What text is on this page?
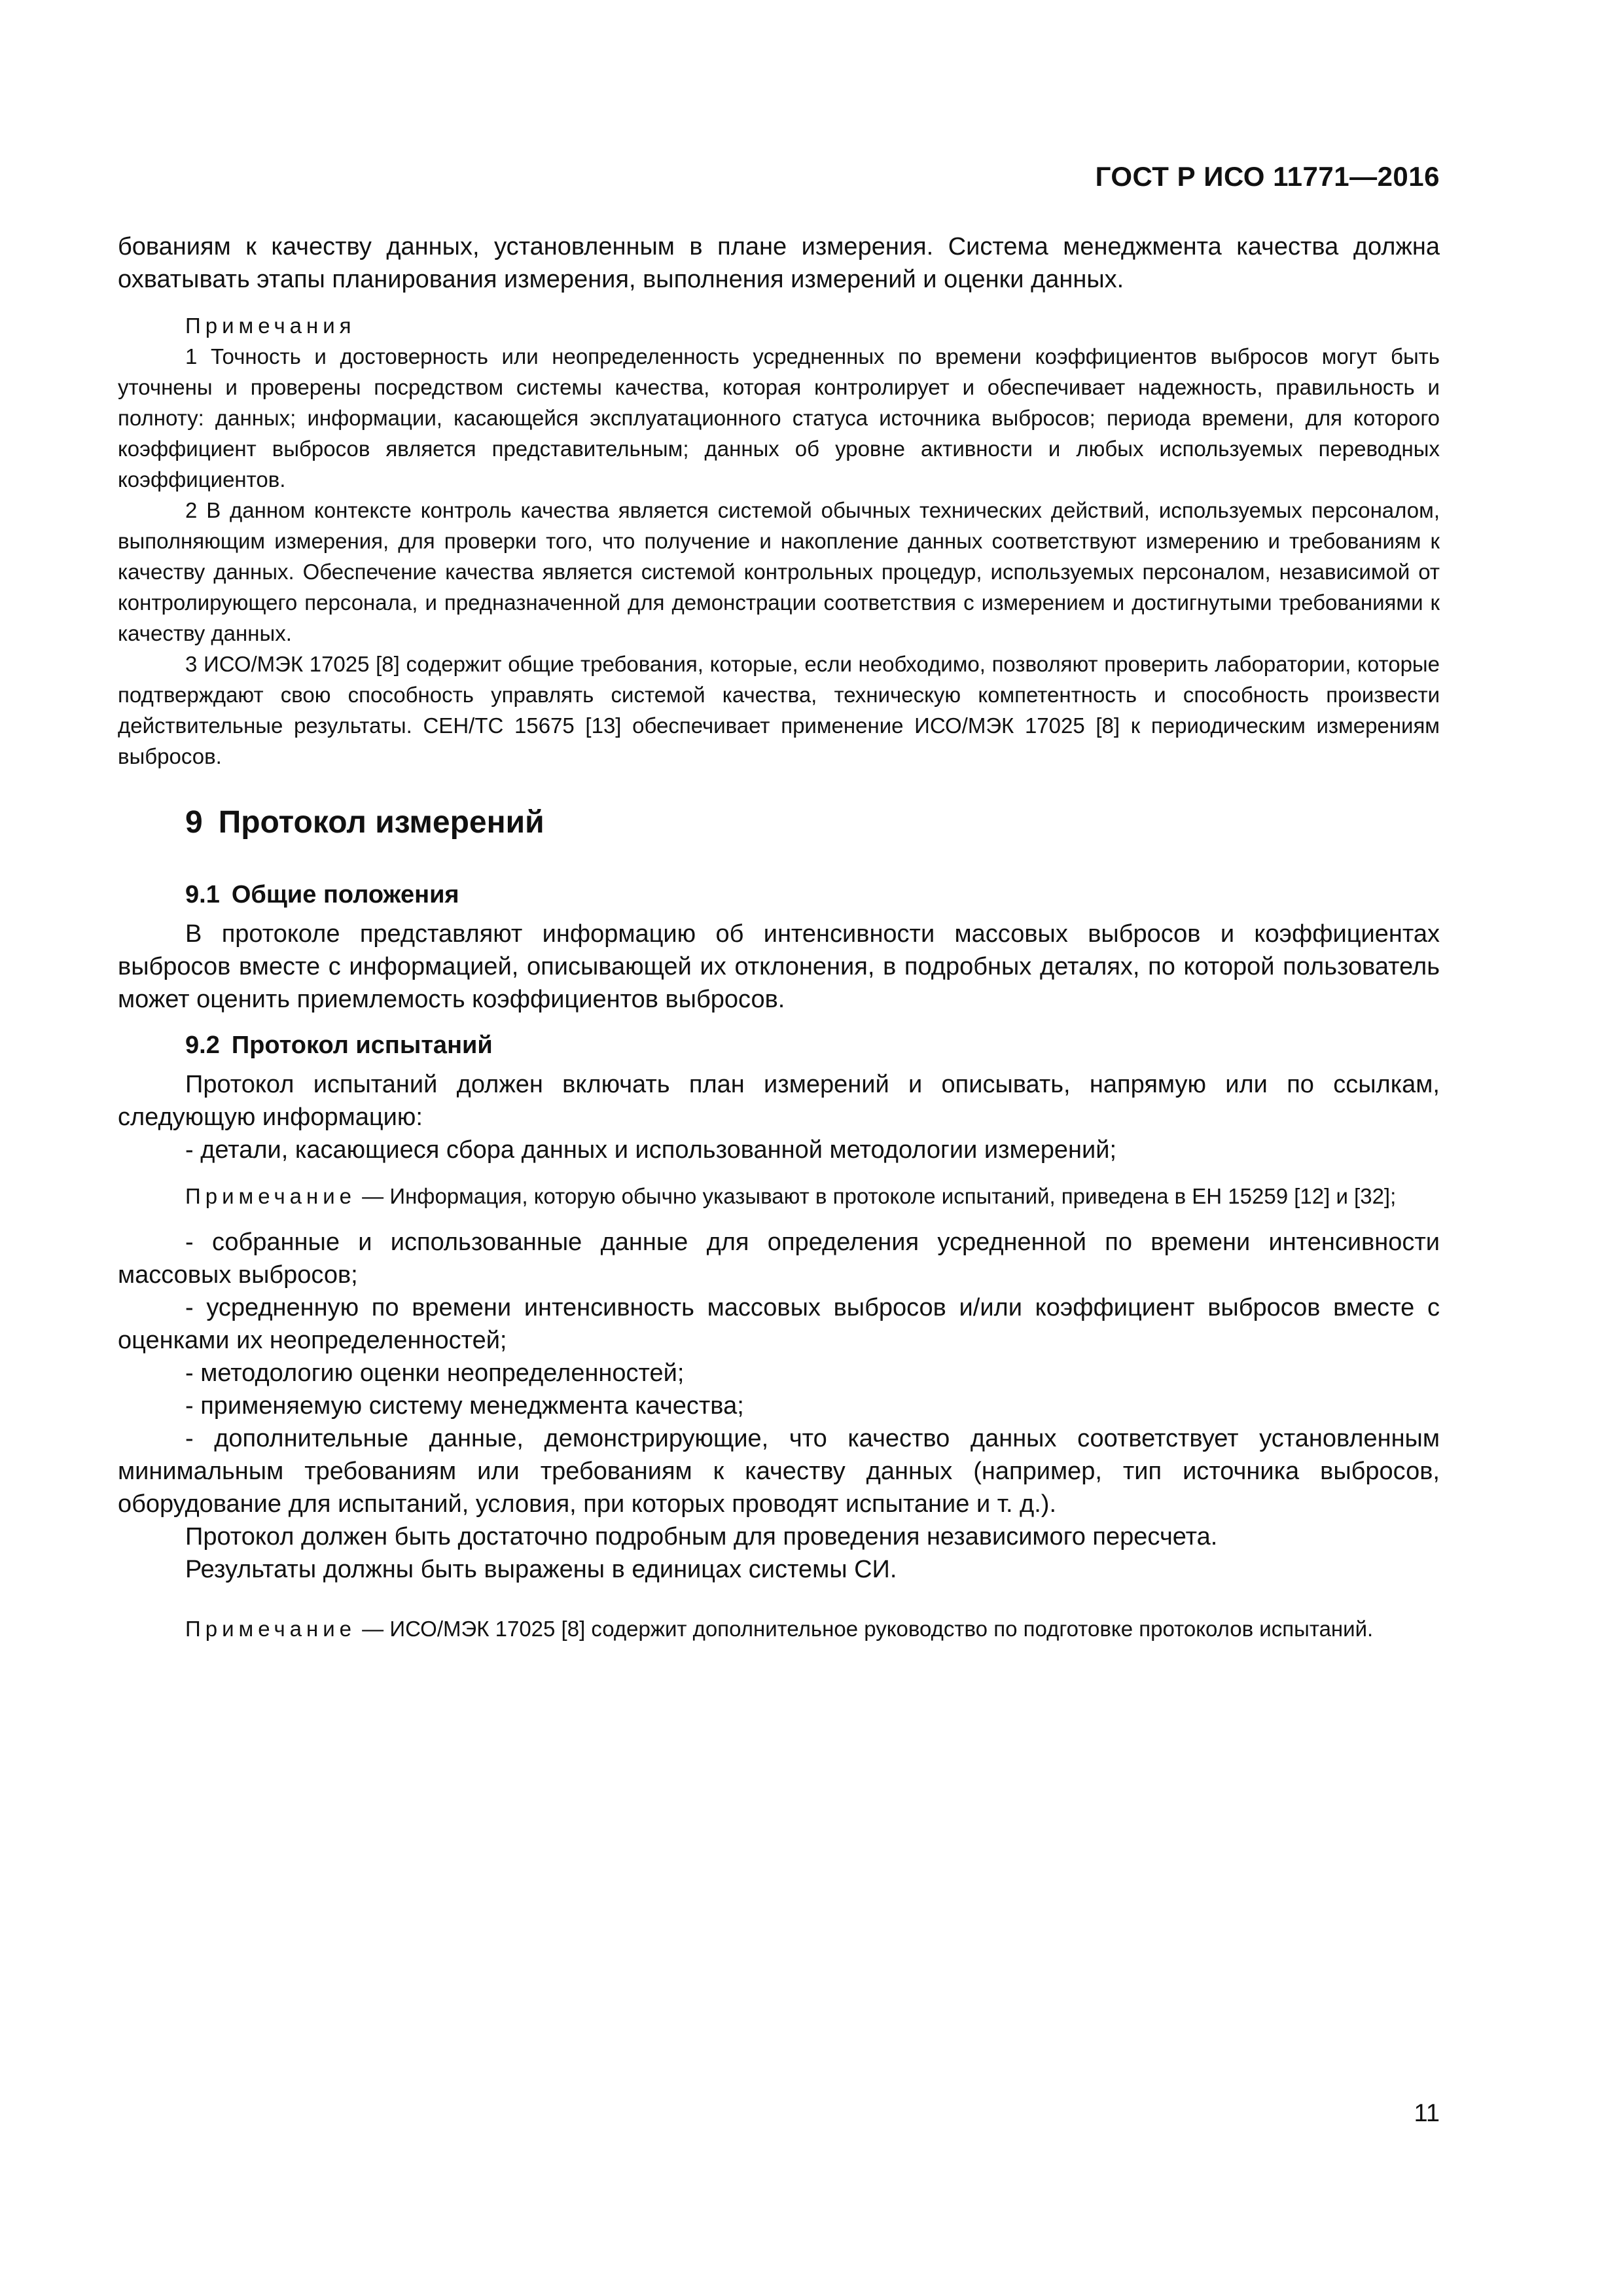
ГОСТ Р ИСО 11771—2016

бованиям к качеству данных, установленным в плане измерения. Система менеджмента качества должна охватывать этапы планирования измерения, выполнения измерений и оценки данных.

Примечания

1 Точность и достоверность или неопределенность усредненных по времени коэффициентов выбросов могут быть уточнены и проверены посредством системы качества, которая контролирует и обеспечивает надежность, правильность и полноту: данных; информации, касающейся эксплуатационного статуса источника выбросов; периода времени, для которого коэффициент выбросов является представительным; данных об уровне активности и любых используемых переводных коэффициентов.

2 В данном контексте контроль качества является системой обычных технических действий, используемых персоналом, выполняющим измерения, для проверки того, что получение и накопление данных соответствуют измерению и требованиям к качеству данных. Обеспечение качества является системой контрольных процедур, используемых персоналом, независимой от контролирующего персонала, и предназначенной для демонстрации соответствия с измерением и достигнутыми требованиями к качеству данных.

3 ИСО/МЭК 17025 [8] содержит общие требования, которые, если необходимо, позволяют проверить лаборатории, которые подтверждают свою способность управлять системой качества, техническую компетентность и способность произвести действительные результаты. CEH/TC 15675 [13] обеспечивает применение ИСО/МЭК 17025 [8] к периодическим измерениям выбросов.

9 Протокол измерений
9.1 Общие положения

В протоколе представляют информацию об интенсивности массовых выбросов и коэффициентах выбросов вместе с информацией, описывающей их отклонения, в подробных деталях, по которой пользователь может оценить приемлемость коэффициентов выбросов.

9.2 Протокол испытаний

Протокол испытаний должен включать план измерений и описывать, напрямую или по ссылкам, следующую информацию:

- детали, касающиеся сбора данных и использованной методологии измерений;

Примечание — Информация, которую обычно указывают в протоколе испытаний, приведена в ЕН 15259 [12] и [32];

- собранные и использованные данные для определения усредненной по времени интенсивности массовых выбросов;

- усредненную по времени интенсивность массовых выбросов и/или коэффициент выбросов вместе с оценками их неопределенностей;

- методологию оценки неопределенностей;

- применяемую систему менеджмента качества;

- дополнительные данные, демонстрирующие, что качество данных соответствует установленным минимальным требованиям или требованиям к качеству данных (например, тип источника выбросов, оборудование для испытаний, условия, при которых проводят испытание и т. д.).

Протокол должен быть достаточно подробным для проведения независимого пересчета.

Результаты должны быть выражены в единицах системы СИ.

Примечание — ИСО/МЭК 17025 [8] содержит дополнительное руководство по подготовке протоколов испытаний.

11
